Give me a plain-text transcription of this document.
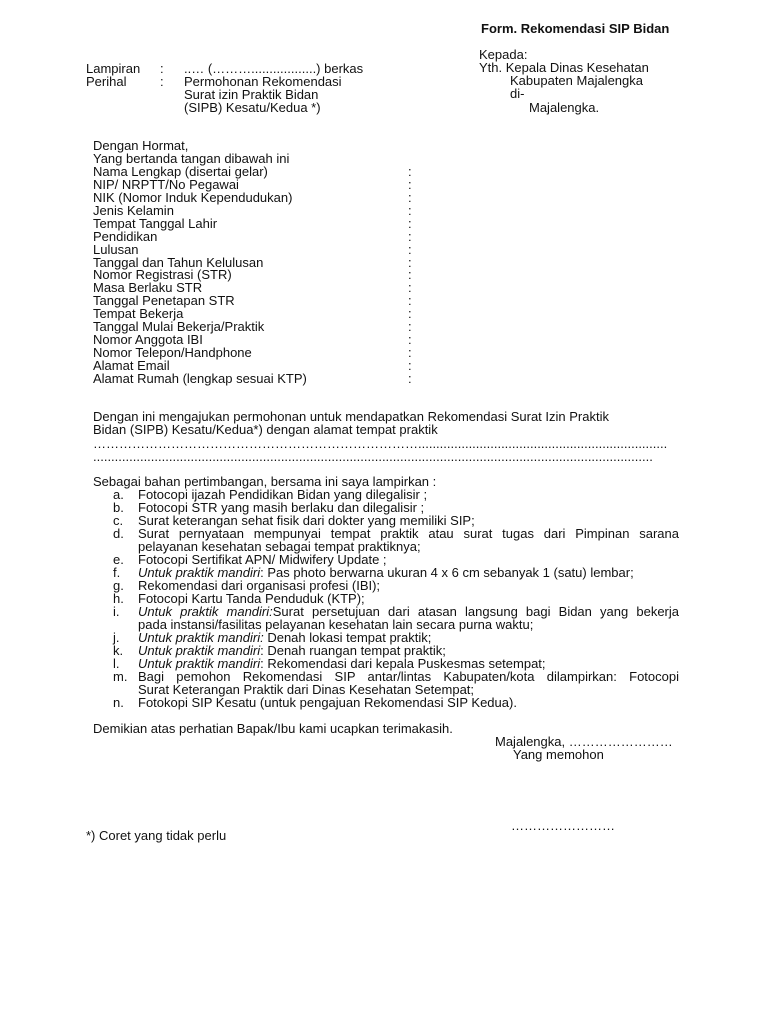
Form. Rekomendasi SIP Bidan
Kepada:
Yth. Kepala Dinas Kesehatan
Kabupaten Majalengka
di-
Majalengka.
Lampiran : ..… (………..................) berkas
Perihal	: Permohonan Rekomendasi
Surat izin Praktik Bidan
(SIPB) Kesatu/Kedua *)
Dengan Hormat,
Yang bertanda tangan dibawah ini
Nama Lengkap (disertai gelar)	:
NIP/ NRPTT/No Pegawai	:
NIK (Nomor Induk Kependudukan)	:
Jenis Kelamin	:
Tempat Tanggal Lahir	:
Pendidikan	:
Lulusan	:
Tanggal dan Tahun Kelulusan	:
Nomor Registrasi (STR)	:
Masa Berlaku STR	:
Tanggal Penetapan STR	:
Tempat Bekerja	:
Tanggal Mulai Bekerja/Praktik	:
Nomor Anggota IBI	:
Nomor Telepon/Handphone	:
Alamat Email	:
Alamat Rumah (lengkap sesuai KTP)	:
Dengan ini mengajukan permohonan untuk mendapatkan Rekomendasi Surat Izin Praktik
Bidan (SIPB) Kesatu/Kedua*) dengan alamat tempat praktik
………………………………………………………………….....................................................................
...........................................................................................................................................................
Sebagai bahan pertimbangan, bersama ini saya lampirkan :
a. Fotocopi ijazah Pendidikan Bidan yang dilegalisir ;
b. Fotocopi STR yang masih berlaku dan dilegalisir ;
c. Surat keterangan sehat fisik dari dokter yang memiliki SIP;
d. Surat pernyataan mempunyai tempat praktik atau surat tugas dari Pimpinan sarana
pelayanan kesehatan sebagai tempat praktiknya;
e. Fotocopi Sertifikat APN/ Midwifery Update ;
f. Untuk praktik mandiri: Pas photo berwarna ukuran 4 x 6 cm sebanyak 1 (satu) lembar;
g. Rekomendasi dari organisasi profesi (IBI);
h. Fotocopi Kartu Tanda Penduduk (KTP);
i. Untuk praktik mandiri:Surat persetujuan dari atasan langsung bagi Bidan yang bekerja
pada instansi/fasilitas pelayanan kesehatan lain secara purna waktu;
j. Untuk praktik mandiri: Denah lokasi tempat praktik;
k. Untuk praktik mandiri: Denah ruangan tempat praktik;
l. Untuk praktik mandiri: Rekomendasi dari kepala Puskesmas setempat;
m. Bagi pemohon Rekomendasi SIP antar/lintas Kabupaten/kota dilampirkan: Fotocopi
Surat Keterangan Praktik dari Dinas Kesehatan Setempat;
n. Fotokopi SIP Kesatu (untuk pengajuan Rekomendasi SIP Kedua).
Demikian atas perhatian Bapak/Ibu kami ucapkan terimakasih.
Majalengka, ……………………
Yang memohon
……………………
*) Coret yang tidak perlu
